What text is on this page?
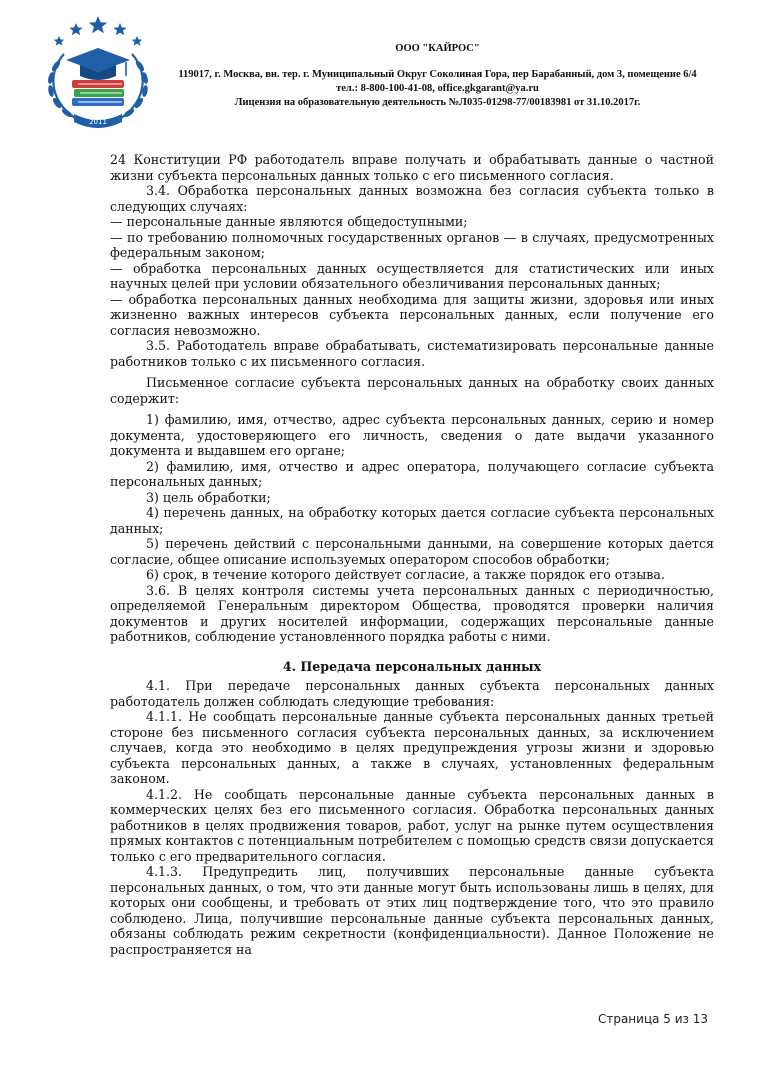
2011
ООО "КАЙРОС"
119017, г. Москва, вн. тер. г. Муниципальный Округ Соколиная Гора, пер Барабанный, дом 3, помещение 6/4
тел.: 8-800-100-41-08, office.gkgarant@ya.ru
Лицензия на образовательную деятельность №Л035-01298-77/00183981 от 31.10.2017г.

24 Конституции РФ работодатель вправе получать и обрабатывать данные о частной жизни субъекта персональных данных только с его письменного согласия.

3.4. Обработка персональных данных возможна без согласия субъекта только в следующих случаях:

— персональные данные являются общедоступными;

— по требованию полномочных государственных органов — в случаях, предусмотренных федеральным законом;

— обработка персональных данных осуществляется для статистических или иных научных целей при условии обязательного обезличивания персональных данных;

— обработка персональных данных необходима для защиты жизни, здоровья или иных жизненно важных интересов субъекта персональных данных, если получение его согласия невозможно.

3.5. Работодатель вправе обрабатывать, систематизировать персональные данные работников только с их письменного согласия.

Письменное согласие субъекта персональных данных на обработку своих данных содержит:

1) фамилию, имя, отчество, адрес субъекта персональных данных, серию и номер документа, удостоверяющего его личность, сведения о дате выдачи указанного документа и выдавшем его органе;

2) фамилию, имя, отчество и адрес оператора, получающего согласие субъекта персональных данных;

3) цель обработки;

4) перечень данных, на обработку которых дается согласие субъекта персональных данных;

5) перечень действий с персональными данными, на совершение которых дается согласие, общее описание используемых оператором способов обработки;

6) срок, в течение которого действует согласие, а также порядок его отзыва.

3.6. В целях контроля системы учета персональных данных с периодичностью, определяемой Генеральным директором Общества, проводятся проверки наличия документов и других носителей информации, содержащих персональные данные работников, соблюдение установленного порядка работы с ними.

4. Передача персональных данных

4.1. При передаче персональных данных субъекта персональных данных работодатель должен соблюдать следующие требования:

4.1.1. Не сообщать персональные данные субъекта персональных данных третьей стороне без письменного согласия субъекта персональных данных, за исключением случаев, когда это необходимо в целях предупреждения угрозы жизни и здоровью субъекта персональных данных, а также в случаях, установленных федеральным законом.

4.1.2. Не сообщать персональные данные субъекта персональных данных в коммерческих целях без его письменного согласия. Обработка персональных данных работников в целях продвижения товаров, работ, услуг на рынке путем осуществления прямых контактов с потенциальным потребителем с помощью средств связи допускается только с его предварительного согласия.

4.1.3. Предупредить лиц, получивших персональные данные субъекта персональных данных, о том, что эти данные могут быть использованы лишь в целях, для которых они сообщены, и требовать от этих лиц подтверждение того, что это правило соблюдено. Лица, получившие персональные данные субъекта персональных данных, обязаны соблюдать режим секретности (конфиденциальности). Данное Положение не распространяется на

Страница 5 из 13
